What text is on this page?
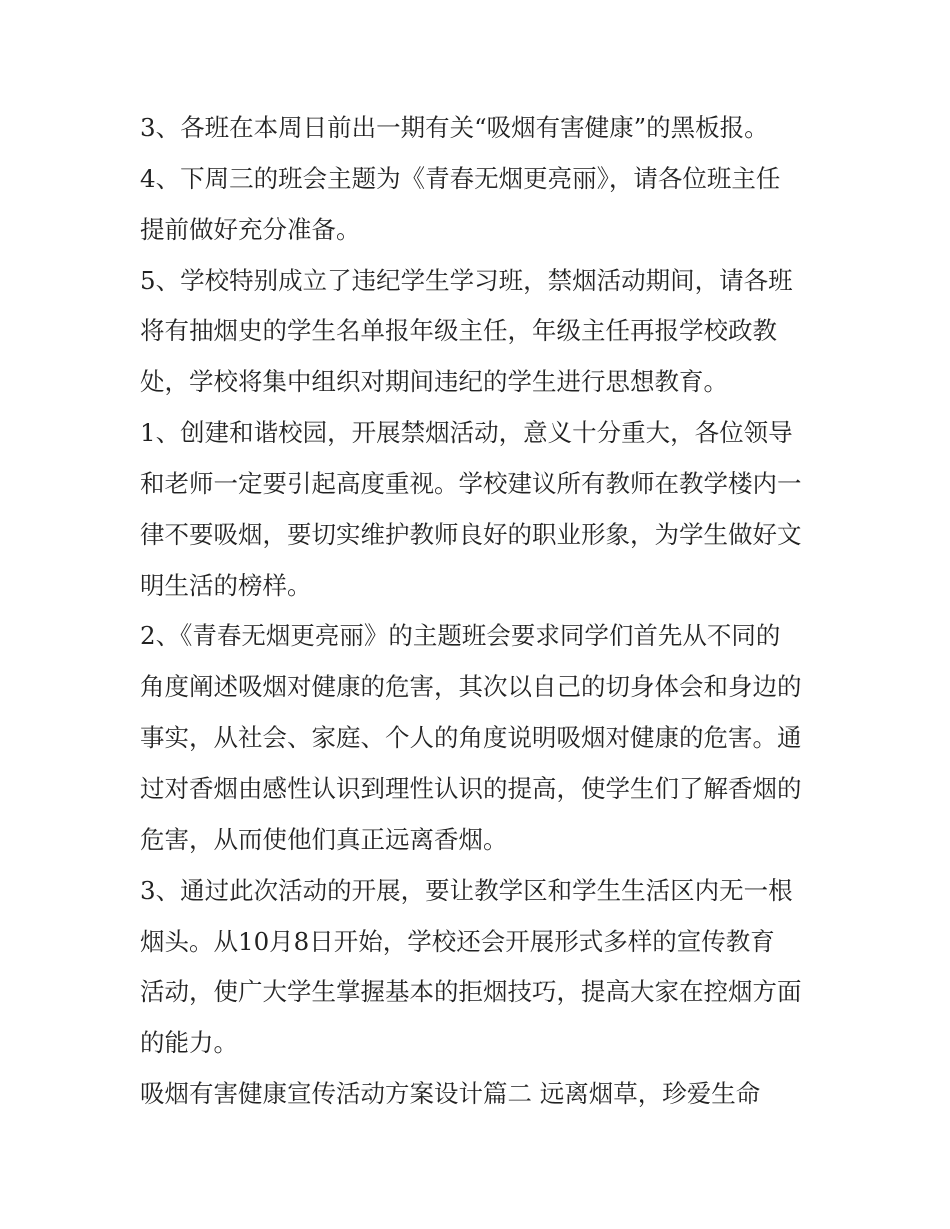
3、各班在本周日前出一期有关“吸烟有害健康”的黑板报。
4、下周三的班会主题为《青春无烟更亮丽》，请各位班主任
提前做好充分准备。
5、学校特别成立了违纪学生学习班，禁烟活动期间，请各班
将有抽烟史的学生名单报年级主任，年级主任再报学校政教
处，学校将集中组织对期间违纪的学生进行思想教育。
1、创建和谐校园，开展禁烟活动，意义十分重大，各位领导
和老师一定要引起高度重视。学校建议所有教师在教学楼内一
律不要吸烟，要切实维护教师良好的职业形象，为学生做好文
明生活的榜样。
2、《青春无烟更亮丽》的主题班会要求同学们首先从不同的
角度阐述吸烟对健康的危害，其次以自己的切身体会和身边的
事实，从社会、家庭、个人的角度说明吸烟对健康的危害。通
过对香烟由感性认识到理性认识的提高，使学生们了解香烟的
危害，从而使他们真正远离香烟。
3、通过此次活动的开展，要让教学区和学生生活区内无一根
烟头。从10月8日开始，学校还会开展形式多样的宣传教育
活动，使广大学生掌握基本的拒烟技巧，提高大家在控烟方面
的能力。
吸烟有害健康宣传活动方案设计篇二 远离烟草，珍爱生命
